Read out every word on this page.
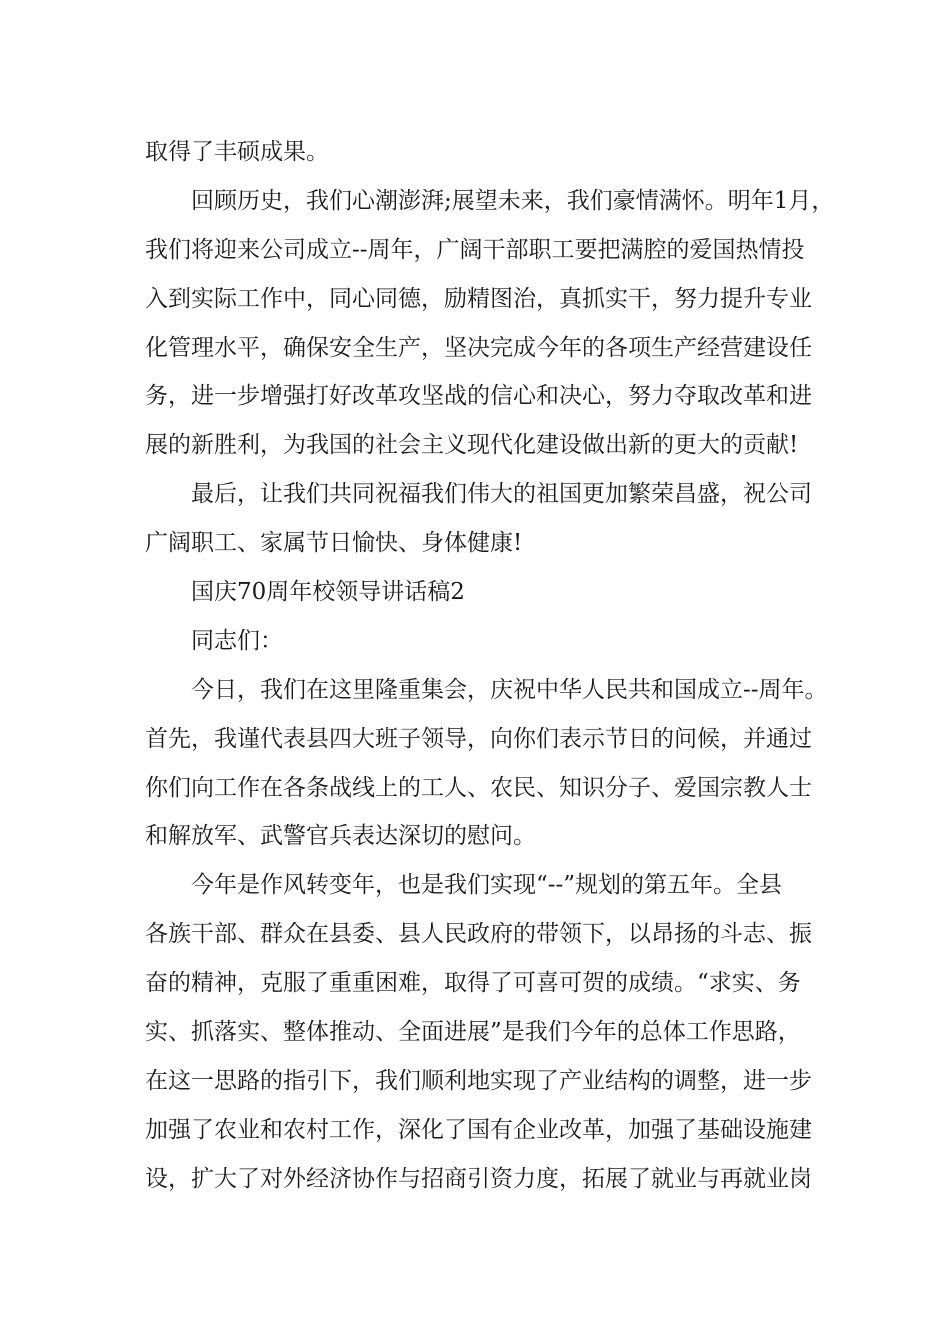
取得了丰硕成果。
回顾历史，我们心潮澎湃;展望未来，我们豪情满怀。明年1月，
我们将迎来公司成立--周年，广阔干部职工要把满腔的爱国热情投
入到实际工作中，同心同德，励精图治，真抓实干，努力提升专业
化管理水平，确保安全生产，坚决完成今年的各项生产经营建设任
务，进一步增强打好改革攻坚战的信心和决心，努力夺取改革和进
展的新胜利，为我国的社会主义现代化建设做出新的更大的贡献!
最后，让我们共同祝福我们伟大的祖国更加繁荣昌盛，祝公司
广阔职工、家属节日愉快、身体健康!
国庆70周年校领导讲话稿2
同志们：
今日，我们在这里隆重集会，庆祝中华人民共和国成立--周年。
首先，我谨代表县四大班子领导，向你们表示节日的问候，并通过
你们向工作在各条战线上的工人、农民、知识分子、爱国宗教人士
和解放军、武警官兵表达深切的慰问。
今年是作风转变年，也是我们实现“--”规划的第五年。全县
各族干部、群众在县委、县人民政府的带领下，以昂扬的斗志、振
奋的精神，克服了重重困难，取得了可喜可贺的成绩。“求实、务
实、抓落实、整体推动、全面进展”是我们今年的总体工作思路，
在这一思路的指引下，我们顺利地实现了产业结构的调整，进一步
加强了农业和农村工作，深化了国有企业改革，加强了基础设施建
设，扩大了对外经济协作与招商引资力度，拓展了就业与再就业岗
